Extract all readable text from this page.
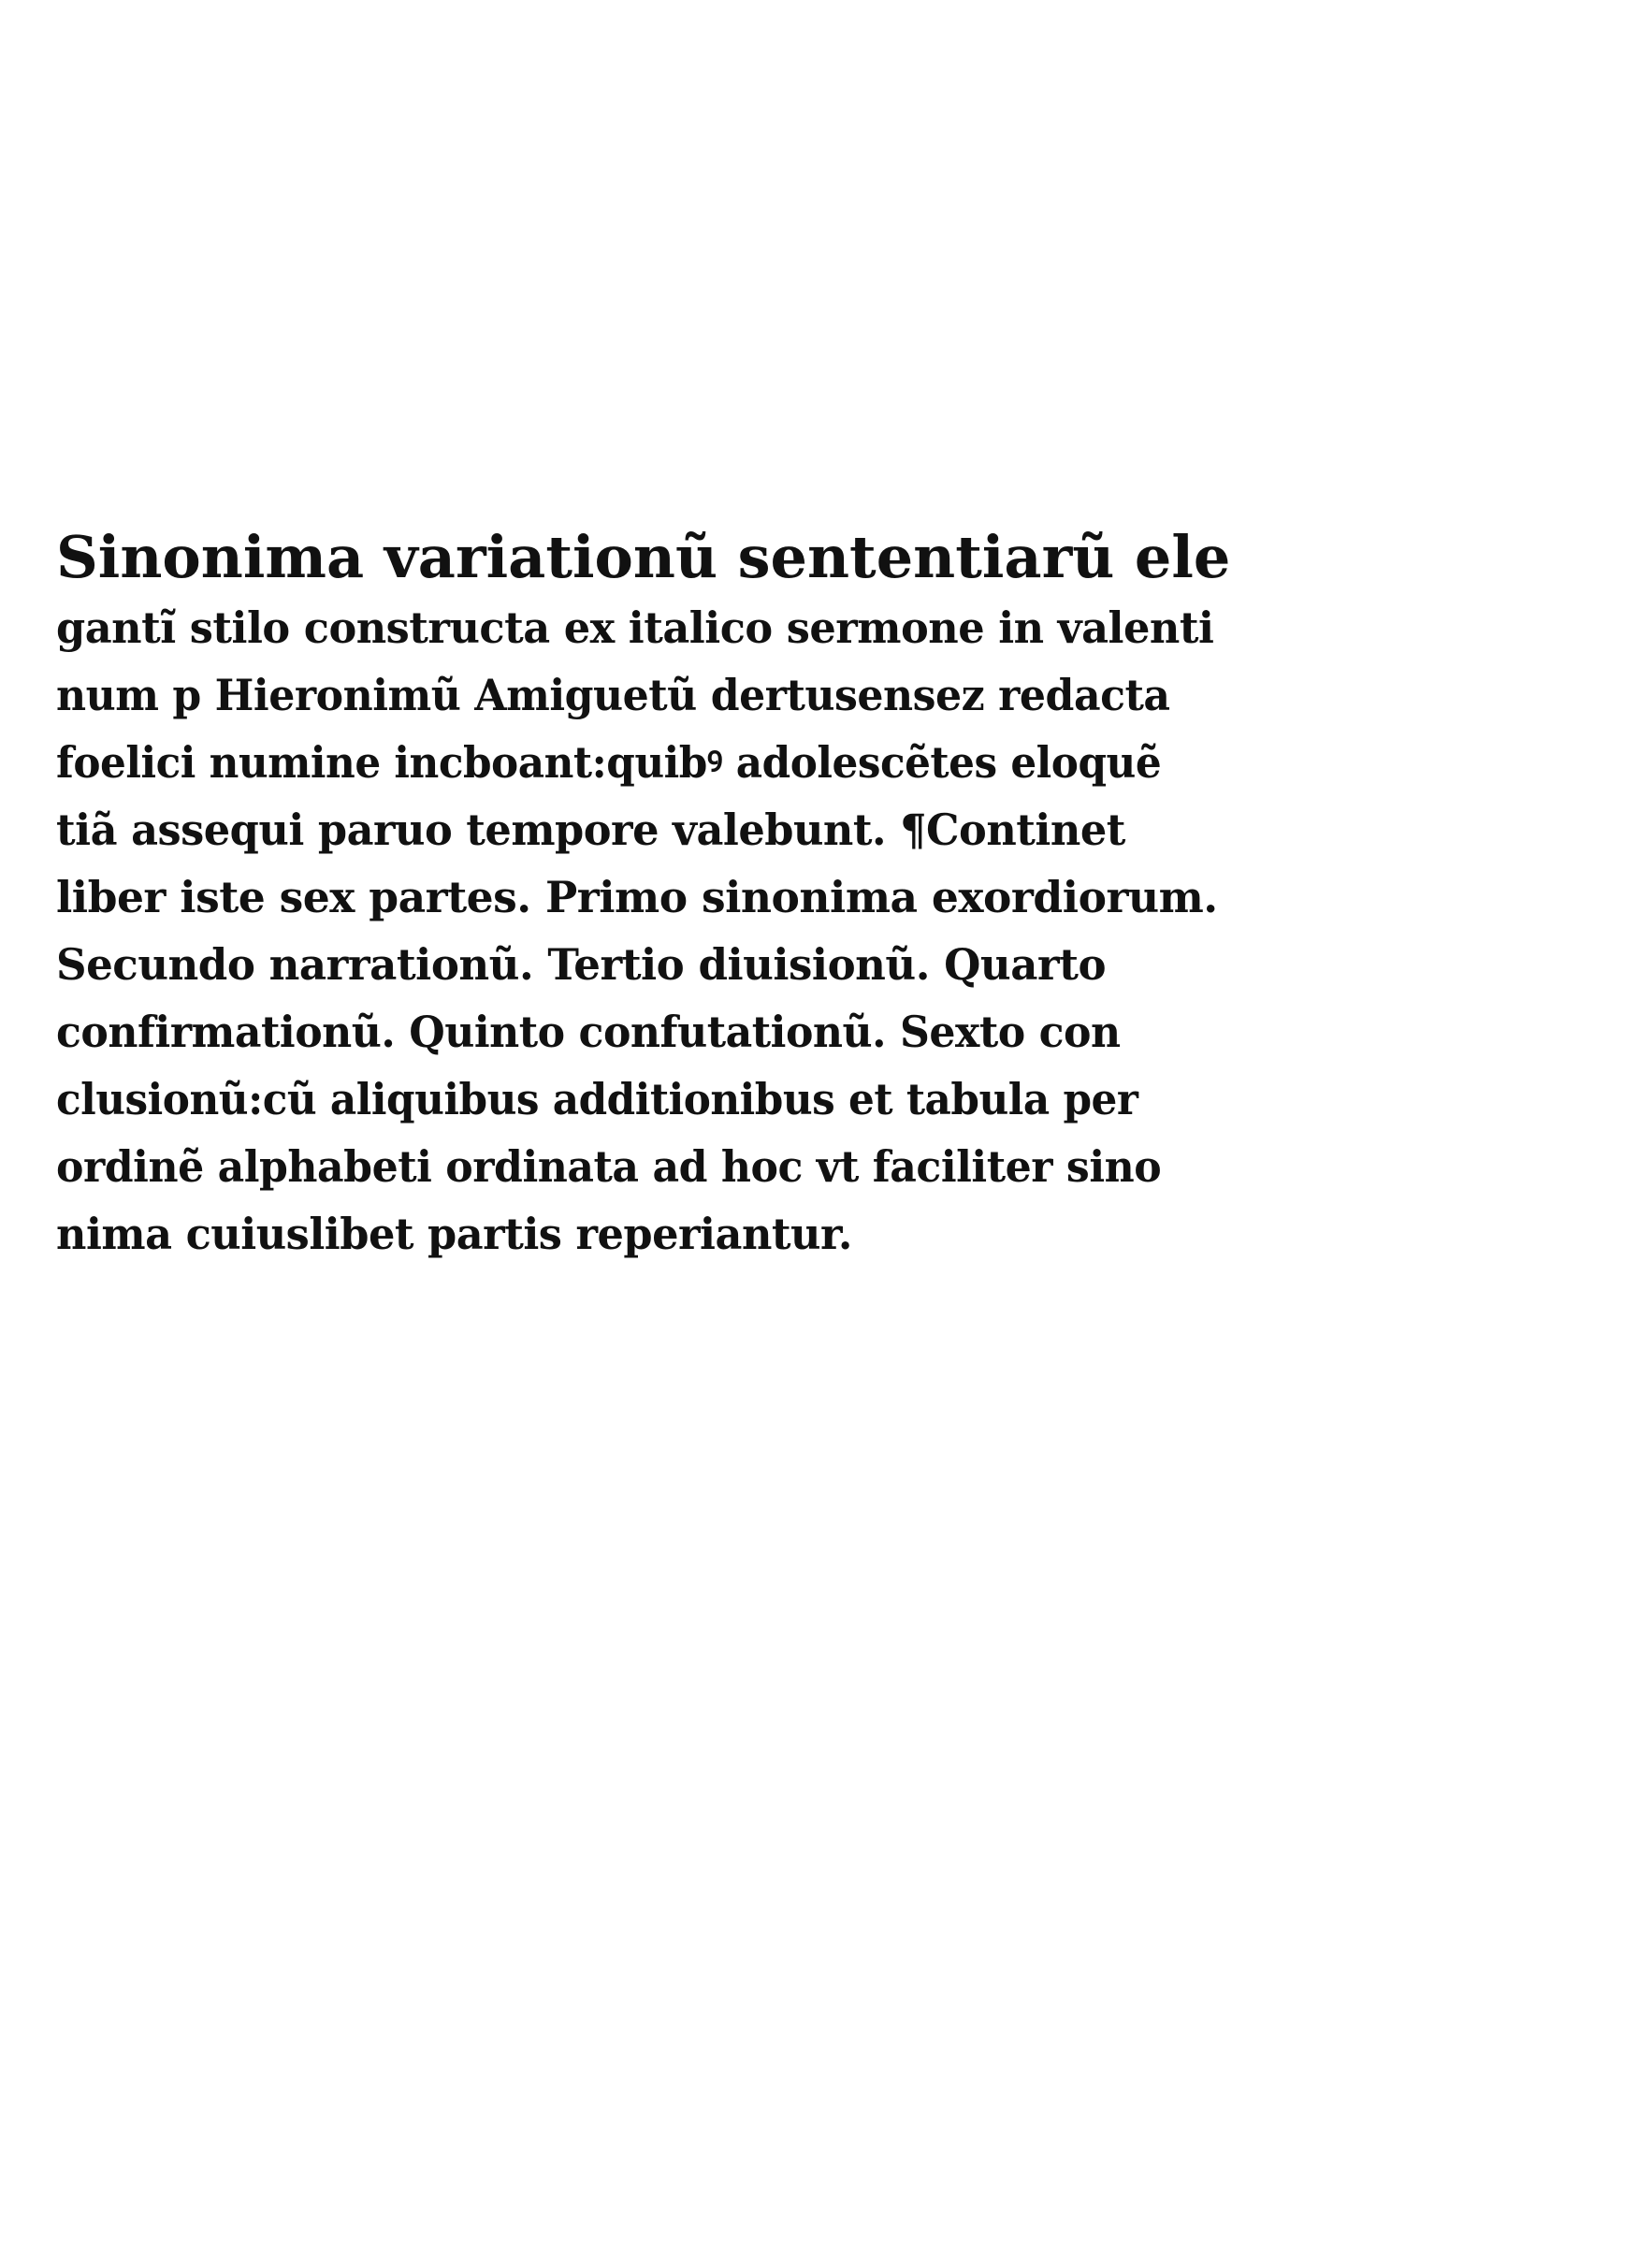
Sinonima variationũ sententiarũ ele
gantĩ stilo constructa ex italico sermone in valenti
num p Hieronimũ Amiguetũ dertusensez redacta
foelici numine incboant:quibꝰ adolescẽtes eloquẽ
tiã assequi paruo tempore valebunt. ¶Continet
liber iste sex partes. Primo sinonima exordiorum.
Secundo narrationũ. Tertio diuisionũ. Quarto
confirmationũ. Quinto confutationũ. Sexto con
clusionũ:cũ aliquibus additionibus et tabula per
ordinẽ alphabeti ordinata ad hoc vt faciliter sino
nima cuiuslibet partis reperiantur.
